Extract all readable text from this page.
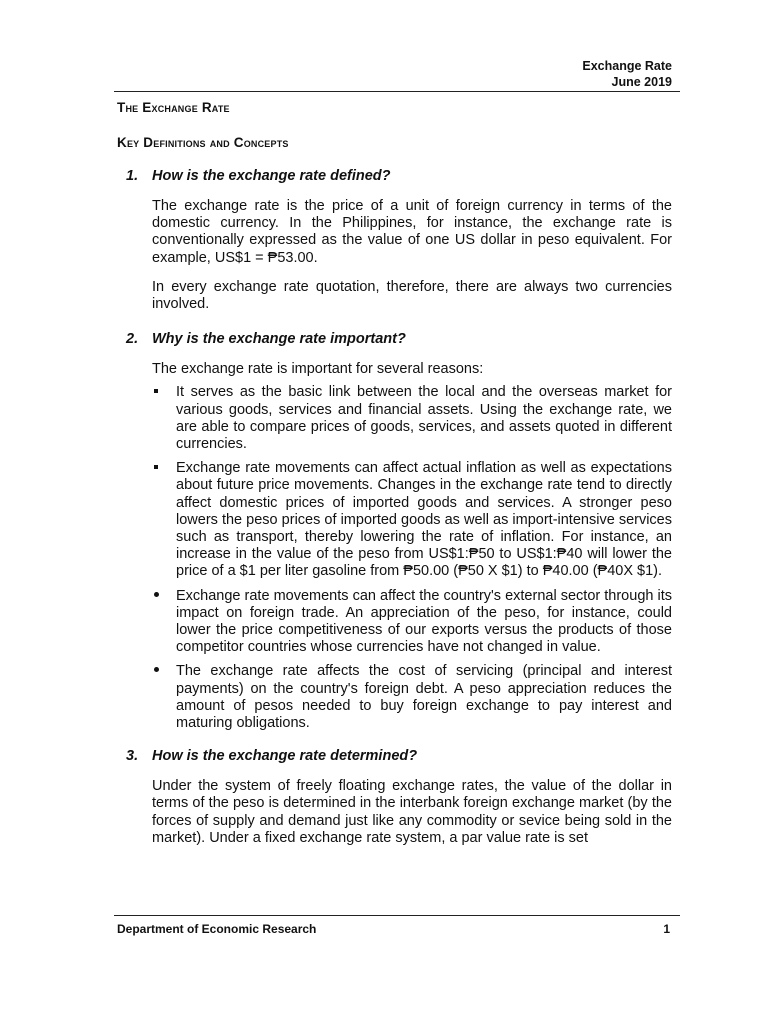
Exchange Rate
June 2019
The Exchange Rate
Key Definitions and Concepts
1. How is the exchange rate defined?

The exchange rate is the price of a unit of foreign currency in terms of the domestic currency. In the Philippines, for instance, the exchange rate is conventionally expressed as the value of one US dollar in peso equivalent. For example, US$1 = ₱53.00.

In every exchange rate quotation, therefore, there are always two currencies involved.

2. Why is the exchange rate important?

The exchange rate is important for several reasons:

It serves as the basic link between the local and the overseas market for various goods, services and financial assets. Using the exchange rate, we are able to compare prices of goods, services, and assets quoted in different currencies.
Exchange rate movements can affect actual inflation as well as expectations about future price movements. Changes in the exchange rate tend to directly affect domestic prices of imported goods and services. A stronger peso lowers the peso prices of imported goods as well as import-intensive services such as transport, thereby lowering the rate of inflation. For instance, an increase in the value of the peso from US$1:₱50 to US$1:₱40 will lower the price of a $1 per liter gasoline from ₱50.00 (₱50 X $1) to ₱40.00 (₱40X $1).
Exchange rate movements can affect the country's external sector through its impact on foreign trade. An appreciation of the peso, for instance, could lower the price competitiveness of our exports versus the products of those competitor countries whose currencies have not changed in value.
The exchange rate affects the cost of servicing (principal and interest payments) on the country's foreign debt. A peso appreciation reduces the amount of pesos needed to buy foreign exchange to pay interest and maturing obligations.
3. How is the exchange rate determined?

Under the system of freely floating exchange rates, the value of the dollar in terms of the peso is determined in the interbank foreign exchange market (by the forces of supply and demand just like any commodity or sevice being sold in the market). Under a fixed exchange rate system, a par value rate is set

Department of Economic Research	1
